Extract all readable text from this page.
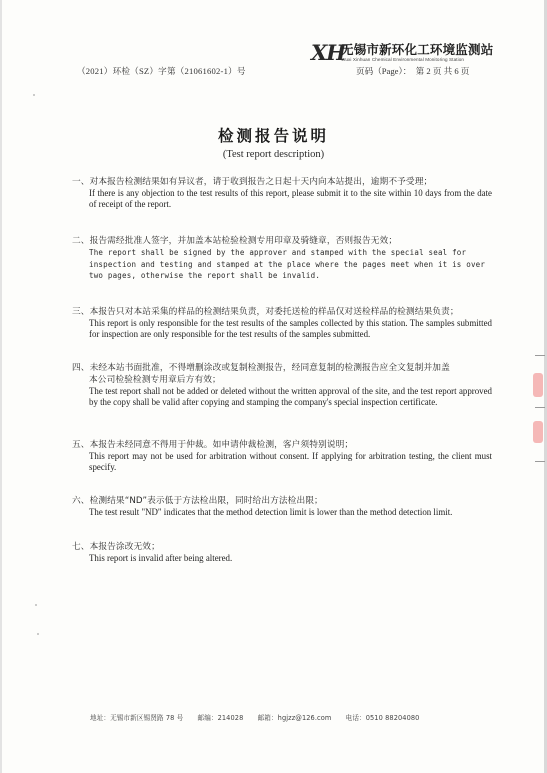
（2021）环检（SZ）字第（21061602-1）号
XH
无锡市新环化工环境监测站
Wuxi Xinhuan Chemical Environmental Monitoring Station
页码（Page）：　第 2 页 共 6 页
检测报告说明
(Test report description)
一、对本报告检测结果如有异议者，请于收到报告之日起十天内向本站提出，逾期不予受理；
If there is any objection to the test results of this report, please submit it to the site within 10 days from the date of receipt of the report.
二、报告需经批准人签字，并加盖本站检验检测专用印章及骑缝章，否则报告无效；
The report shall be signed by the approver and stamped with the special seal for inspection and testing and stamped at the place where the pages meet when it is over two pages, otherwise the report shall be invalid.
三、本报告只对本站采集的样品的检测结果负责，对委托送检的样品仅对送检样品的检测结果负责；
This report is only responsible for the test results of the samples collected by this station. The samples submitted for inspection are only responsible for the test results of the samples submitted.
四、未经本站书面批准，不得增删涂改或复制检测报告，经同意复制的检测报告应全文复制并加盖
本公司检验检测专用章后方有效；
The test report shall not be added or deleted without the written approval of the site, and the test report approved by the copy shall be valid after copying and stamping the company's special inspection certificate.
五、本报告未经同意不得用于仲裁。如申请仲裁检测，客户须特别说明；
This report may not be used for arbitration without consent. If applying for arbitration testing, the client must specify.
六、检测结果“ND”表示低于方法检出限，同时给出方法检出限；
The test result "ND" indicates that the method detection limit is lower than the method detection limit.
七、本报告涂改无效；
This report is invalid after being altered.
地址：无锡市新区锡贤路 78 号 邮编：214028 邮箱：hgjzz@126.com 电话：0510 88204080
